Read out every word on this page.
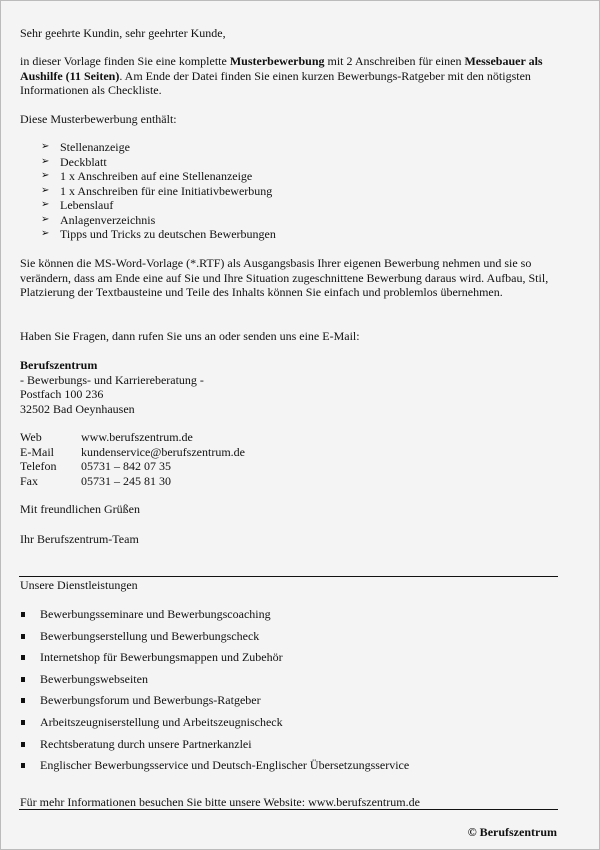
Sehr geehrte Kundin, sehr geehrter Kunde,
in dieser Vorlage finden Sie eine komplette Musterbewerbung mit 2 Anschreiben für einen Messebauer als Aushilfe (11 Seiten). Am Ende der Datei finden Sie einen kurzen Bewerbungs-Ratgeber mit den nötigsten Informationen als Checkliste.
Diese Musterbewerbung enthält:
➢ Stellenanzeige
➢ Deckblatt
➢ 1 x Anschreiben auf eine Stellenanzeige
➢ 1 x Anschreiben für eine Initiativbewerbung
➢ Lebenslauf
➢ Anlagenverzeichnis
➢ Tipps und Tricks zu deutschen Bewerbungen
Sie können die MS-Word-Vorlage (*.RTF) als Ausgangsbasis Ihrer eigenen Bewerbung nehmen und sie so verändern, dass am Ende eine auf Sie und Ihre Situation zugeschnittene Bewerbung daraus wird. Aufbau, Stil, Platzierung der Textbausteine und Teile des Inhalts können Sie einfach und problemlos übernehmen.
Haben Sie Fragen, dann rufen Sie uns an oder senden uns eine E-Mail:
Berufszentrum
- Bewerbungs- und Karriereberatung -
Postfach 100 236
32502 Bad Oeynhausen
Web	www.berufszentrum.de
E-Mail	kundenservice@berufszentrum.de
Telefon	05731 – 842 07 35
Fax	05731 – 245 81 30
Mit freundlichen Grüßen
Ihr Berufszentrum-Team
Unsere Dienstleistungen
Bewerbungsseminare und Bewerbungscoaching
Bewerbungserstellung und Bewerbungscheck
Internetshop für Bewerbungsmappen und Zubehör
Bewerbungswebseiten
Bewerbungsforum und Bewerbungs-Ratgeber
Arbeitszeugniserstellung und Arbeitszeugnischeck
Rechtsberatung durch unsere Partnerkanzlei
Englischer Bewerbungsservice und Deutsch-Englischer Übersetzungsservice
Für mehr Informationen besuchen Sie bitte unsere Website: www.berufszentrum.de
© Berufszentrum
